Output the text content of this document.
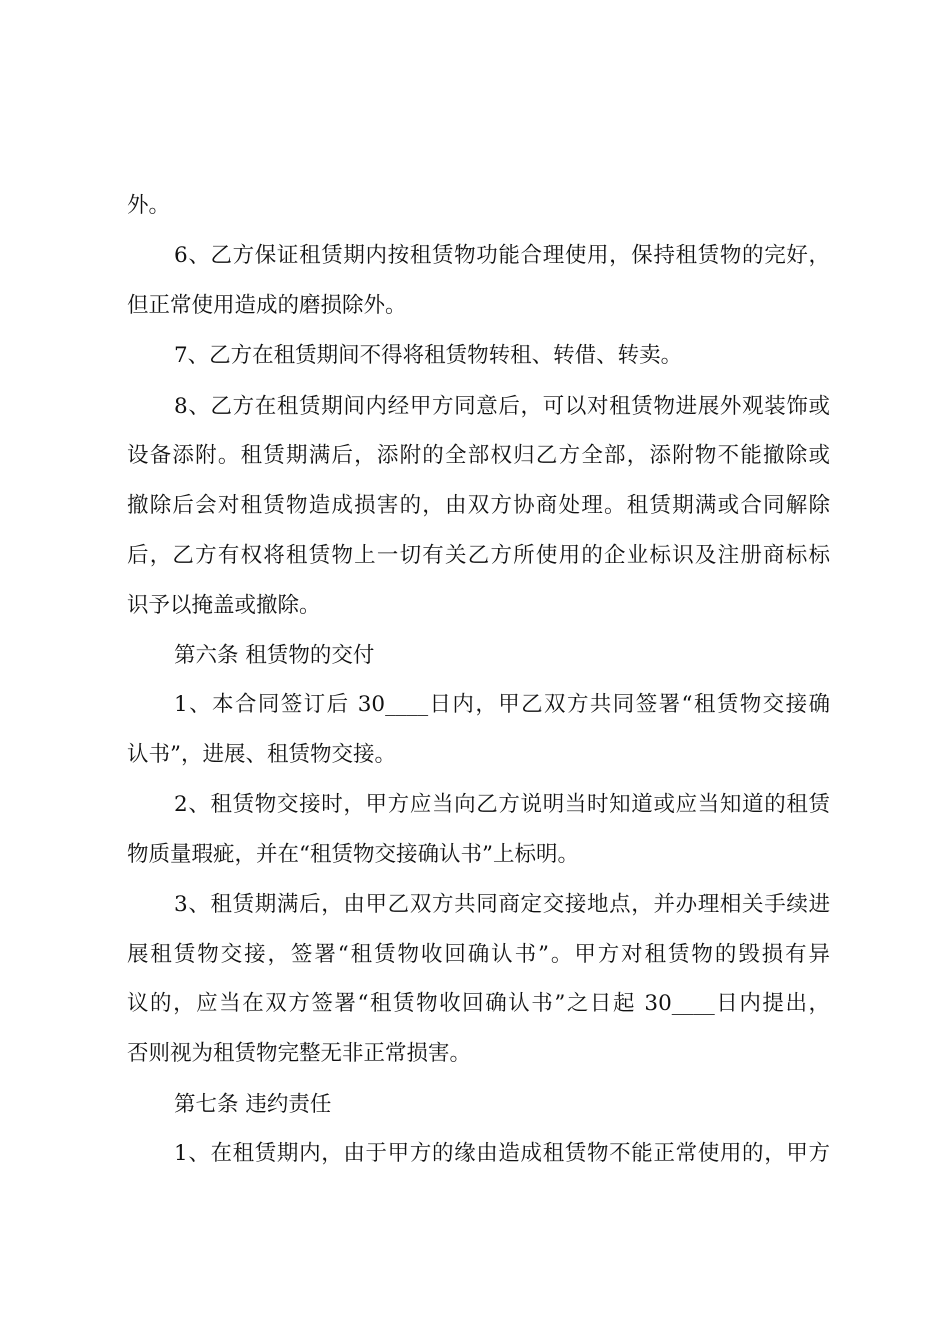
外。
6、乙方保证租赁期内按租赁物功能合理使用，保持租赁物的完好，
但正常使用造成的磨损除外。
7、乙方在租赁期间不得将租赁物转租、转借、转卖。
8、乙方在租赁期间内经甲方同意后，可以对租赁物进展外观装饰或
设备添附。租赁期满后，添附的全部权归乙方全部，添附物不能撤除或
撤除后会对租赁物造成损害的，由双方协商处理。租赁期满或合同解除
后，乙方有权将租赁物上一切有关乙方所使用的企业标识及注册商标标
识予以掩盖或撤除。
第六条 租赁物的交付
1、本合同签订后 30____日内，甲乙双方共同签署“租赁物交接确
认书”，进展、租赁物交接。
2、租赁物交接时，甲方应当向乙方说明当时知道或应当知道的租赁
物质量瑕疵，并在“租赁物交接确认书”上标明。
3、租赁期满后，由甲乙双方共同商定交接地点，并办理相关手续进
展租赁物交接，签署“租赁物收回确认书”。甲方对租赁物的毁损有异
议的，应当在双方签署“租赁物收回确认书”之日起 30____日内提出，
否则视为租赁物完整无非正常损害。
第七条 违约责任
1、在租赁期内，由于甲方的缘由造成租赁物不能正常使用的，甲方
